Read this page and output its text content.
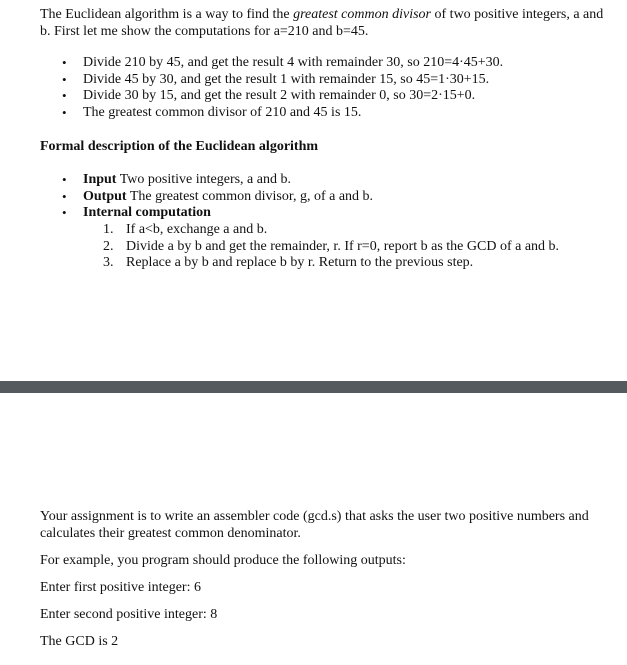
The Euclidean algorithm is a way to find the greatest common divisor of two positive integers, a and b. First let me show the computations for a=210 and b=45.

• Divide 210 by 45, and get the result 4 with remainder 30, so 210=4·45+30.
• Divide 45 by 30, and get the result 1 with remainder 15, so 45=1·30+15.
• Divide 30 by 15, and get the result 2 with remainder 0, so 30=2·15+0.
• The greatest common divisor of 210 and 45 is 15.

Formal description of the Euclidean algorithm

• Input Two positive integers, a and b.
• Output The greatest common divisor, g, of a and b.
• Internal computation
1. If a<b, exchange a and b.
2. Divide a by b and get the remainder, r. If r=0, report b as the GCD of a and b.
3. Replace a by b and replace b by r. Return to the previous step.

Your assignment is to write an assembler code (gcd.s) that asks the user two positive numbers and calculates their greatest common denominator.

For example, you program should produce the following outputs:

Enter first positive integer: 6

Enter second positive integer: 8

The GCD is 2
